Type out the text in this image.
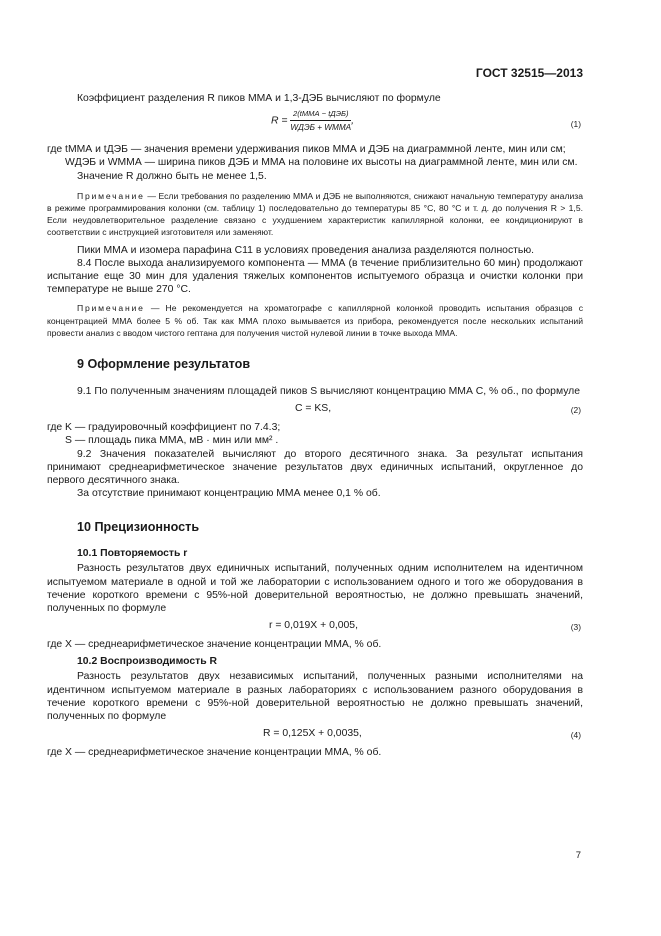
ГОСТ 32515—2013

Коэффициент разделения R пиков ММА и 1,3-ДЭБ вычисляют по формуле

$R = \frac{\text{2(tММА − tДЭБ)}}{\text{WДЭБ + WММА}}$ ,	(1)

где tММА и tДЭБ — значения времени удерживания пиков ММА и ДЭБ на диаграммной ленте, мин или см;

WДЭБ и WММА — ширина пиков ДЭБ и ММА на половине их высоты на диаграммной ленте, мин или см.

Значение R должно быть не менее 1,5.

Примечание — Если требования по разделению ММА и ДЭБ не выполняются, снижают начальную температуру анализа в режиме программирования колонки (см. таблицу 1) последовательно до температуры 85 °С, 80 °С и т. д. до получения R > 1,5. Если неудовлетворительное разделение связано с ухудшением характеристик капиллярной колонки, ее кондиционируют в соответствии с инструкцией изготовителя или заменяют.

Пики ММА и изомера парафина C11 в условиях проведения анализа разделяются полностью.

8.4 После выхода анализируемого компонента — ММА (в течение приблизительно 60 мин) продолжают испытание еще 30 мин для удаления тяжелых компонентов испытуемого образца и очистки колонки при температуре не выше 270 °С.

Примечание — Не рекомендуется на хроматографе с капиллярной колонкой проводить испытания образцов с концентрацией ММА более 5 % об. Так как ММА плохо вымывается из прибора, рекомендуется после нескольких испытаний провести анализ с вводом чистого гептана для получения чистой нулевой линии в точке выхода ММА.

9 Оформление результатов

9.1 По полученным значениям площадей пиков S вычисляют концентрацию ММА С, % об., по формуле

С = KS,	(2)

где K — градуировочный коэффициент по 7.4.3;

S — площадь пика ММА, мВ · мин или мм² .

9.2 Значения показателей вычисляют до второго десятичного знака. За результат испытания принимают среднеарифметическое значение результатов двух единичных испытаний, округленное до первого десятичного знака.

За отсутствие принимают концентрацию ММА менее 0,1 % об.

10 Прецизионность
10.1 Повторяемость r

Разность результатов двух единичных испытаний, полученных одним исполнителем на идентичном испытуемом материале в одной и той же лаборатории с использованием одного и того же оборудования в течение короткого времени с 95%-ной доверительной вероятностью, не должно превышать значений, полученных по формуле

r = 0,019X + 0,005,	(3)

где X — среднеарифметическое значение концентрации ММА, % об.

10.2 Воспроизводимость R

Разность результатов двух независимых испытаний, полученных разными исполнителями на идентичном испытуемом материале в разных лабораториях с использованием разного оборудования в течение короткого времени с 95%-ной доверительной вероятностью не должно превышать значений, полученных по формуле

R = 0,125X + 0,0035,	(4)

где X — среднеарифметическое значение концентрации ММА, % об.

7
